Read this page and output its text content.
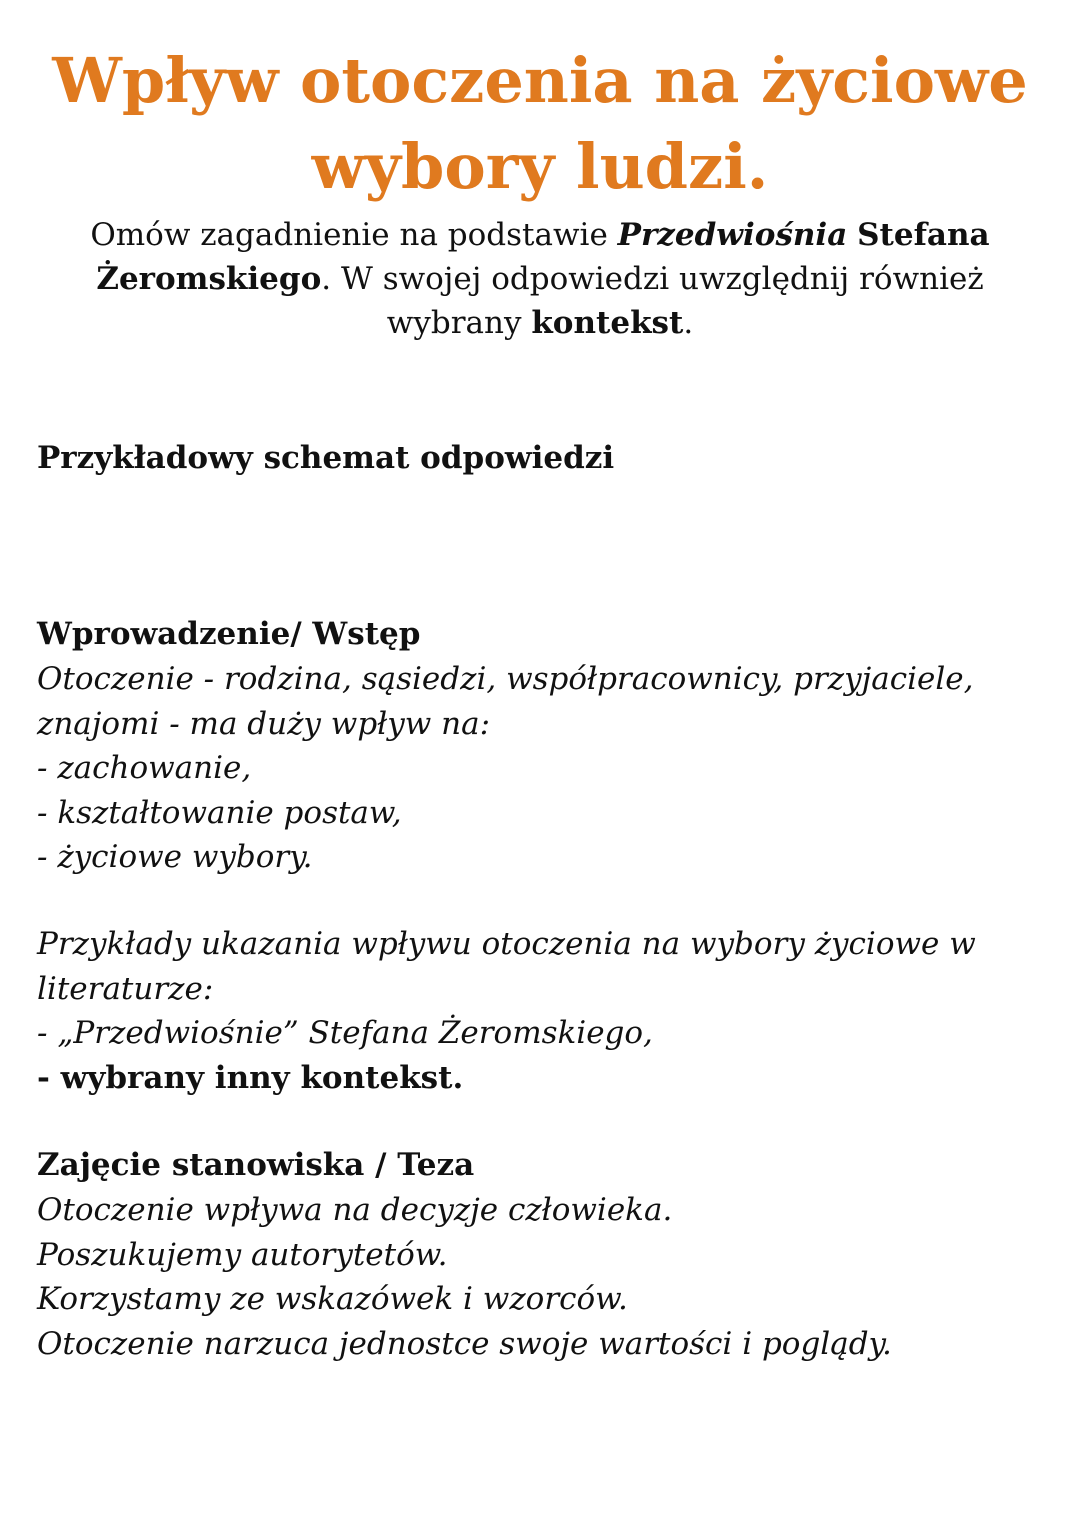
Wpływ otoczenia na życiowe
wybory ludzi.

Omów zagadnienie na podstawie Przedwiośnia Stefana Żeromskiego. W swojej odpowiedzi uwzględnij również wybrany kontekst.

Przykładowy schemat odpowiedzi
Wprowadzenie/ Wstęp
Otoczenie - rodzina, sąsiedzi, współpracownicy, przyjaciele,
znajomi - ma duży wpływ na:
- zachowanie,
- kształtowanie postaw,
- życiowe wybory.
Przykłady ukazania wpływu otoczenia na wybory życiowe w
literaturze:
- „Przedwiośnie” Stefana Żeromskiego,
- wybrany inny kontekst.
Zajęcie stanowiska / Teza
Otoczenie wpływa na decyzje człowieka.
Poszukujemy autorytetów.
Korzystamy ze wskazówek i wzorców.
Otoczenie narzuca jednostce swoje wartości i poglądy.
